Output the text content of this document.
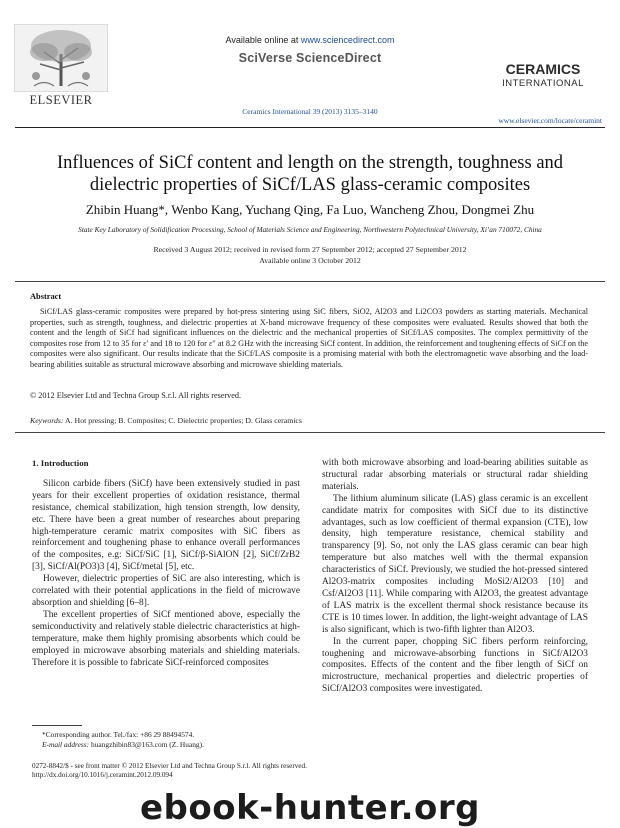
ELSEVIER
Available online at www.sciencedirect.com
SciVerse ScienceDirect
Ceramics International 39 (2013) 3135–3140
CERAMICS
INTERNATIONAL
www.elsevier.com/locate/ceramint
Influences of SiCf content and length on the strength, toughness and
dielectric properties of SiCf/LAS glass-ceramic composites
Zhibin Huang*, Wenbo Kang, Yuchang Qing, Fa Luo, Wancheng Zhou, Dongmei Zhu
State Key Laboratory of Solidification Processing, School of Materials Science and Engineering, Northwestern Polytechnical University, Xi’an 710072, China
Received 3 August 2012; received in revised form 27 September 2012; accepted 27 September 2012
Available online 3 October 2012
Abstract
SiCf/LAS glass-ceramic composites were prepared by hot-press sintering using SiC fibers, SiO2, Al2O3 and Li2CO3 powders as starting materials. Mechanical properties, such as strength, toughness, and dielectric properties at X-band microwave frequency of these composites were evaluated. Results showed that both the content and the length of SiCf had significant influences on the dielectric and the mechanical properties of SiCf/LAS composites. The complex permittivity of the composites rose from 12 to 35 for ε′ and 18 to 120 for ε″ at 8.2 GHz with the increasing SiCf content. In addition, the reinforcement and toughening effects of SiCf on the composites were also significant. Our results indicate that the SiCf/LAS composite is a promising material with both the electromagnetic wave absorbing and the load-bearing abilities suitable as structural microwave absorbing and microwave shielding materials.
© 2012 Elsevier Ltd and Techna Group S.r.l. All rights reserved.
Keywords: A. Hot pressing; B. Composites; C. Dielectric properties; D. Glass ceramics

1. Introduction

Silicon carbide fibers (SiCf) have been extensively studied in past years for their excellent properties of oxidation resistance, thermal resistance, chemical stabilization, high tension strength, low density, etc. There have been a great number of researches about preparing high-temperature ceramic matrix composites with SiC fibers as reinforcement and toughening phase to enhance overall performances of the composites, e.g: SiCf/SiC [1], SiCf/β-SiAlON [2], SiCf/ZrB2 [3], SiCf/Al(PO3)3 [4], SiCf/metal [5], etc.

However, dielectric properties of SiC are also interesting, which is correlated with their potential applications in the field of microwave absorption and shielding [6–8].

The excellent properties of SiCf mentioned above, especially the semiconductivity and relatively stable dielectric characteristics at high-temperature, make them highly promising absorbents which could be employed in microwave absorbing materials and shielding materials. Therefore it is possible to fabricate SiCf-reinforced composites

with both microwave absorbing and load-bearing abilities suitable as structural radar absorbing materials or structural radar shielding materials.

The lithium aluminum silicate (LAS) glass ceramic is an excellent candidate matrix for composites with SiCf due to its distinctive advantages, such as low coefficient of thermal expansion (CTE), low density, high temperature resistance, chemical stability and transparency [9]. So, not only the LAS glass ceramic can bear high temperature but also matches well with the thermal expansion characteristics of SiCf. Previously, we studied the hot-pressed sintered Al2O3-matrix composites including MoSi2/Al2O3 [10] and Csf/Al2O3 [11]. While comparing with Al2O3, the greatest advantage of LAS matrix is the excellent thermal shock resistance because its CTE is 10 times lower. In addition, the light-weight advantage of LAS is also significant, which is two-fifth lighter than Al2O3.

In the current paper, chopping SiC fibers perform reinforcing, toughening and microwave-absorbing functions in SiCf/Al2O3 composites. Effects of the content and the fiber length of SiCf on microstructure, mechanical properties and dielectric properties of SiCf/Al2O3 composites were investigated.

*Corresponding author. Tel./fax: +86 29 88494574.
E-mail address: huangzhibin83@163.com (Z. Huang).
0272-8842/$ - see front matter © 2012 Elsevier Ltd and Techna Group S.r.l. All rights reserved.
http://dx.doi.org/10.1016/j.ceramint.2012.09.094
ebook-hunter.org
